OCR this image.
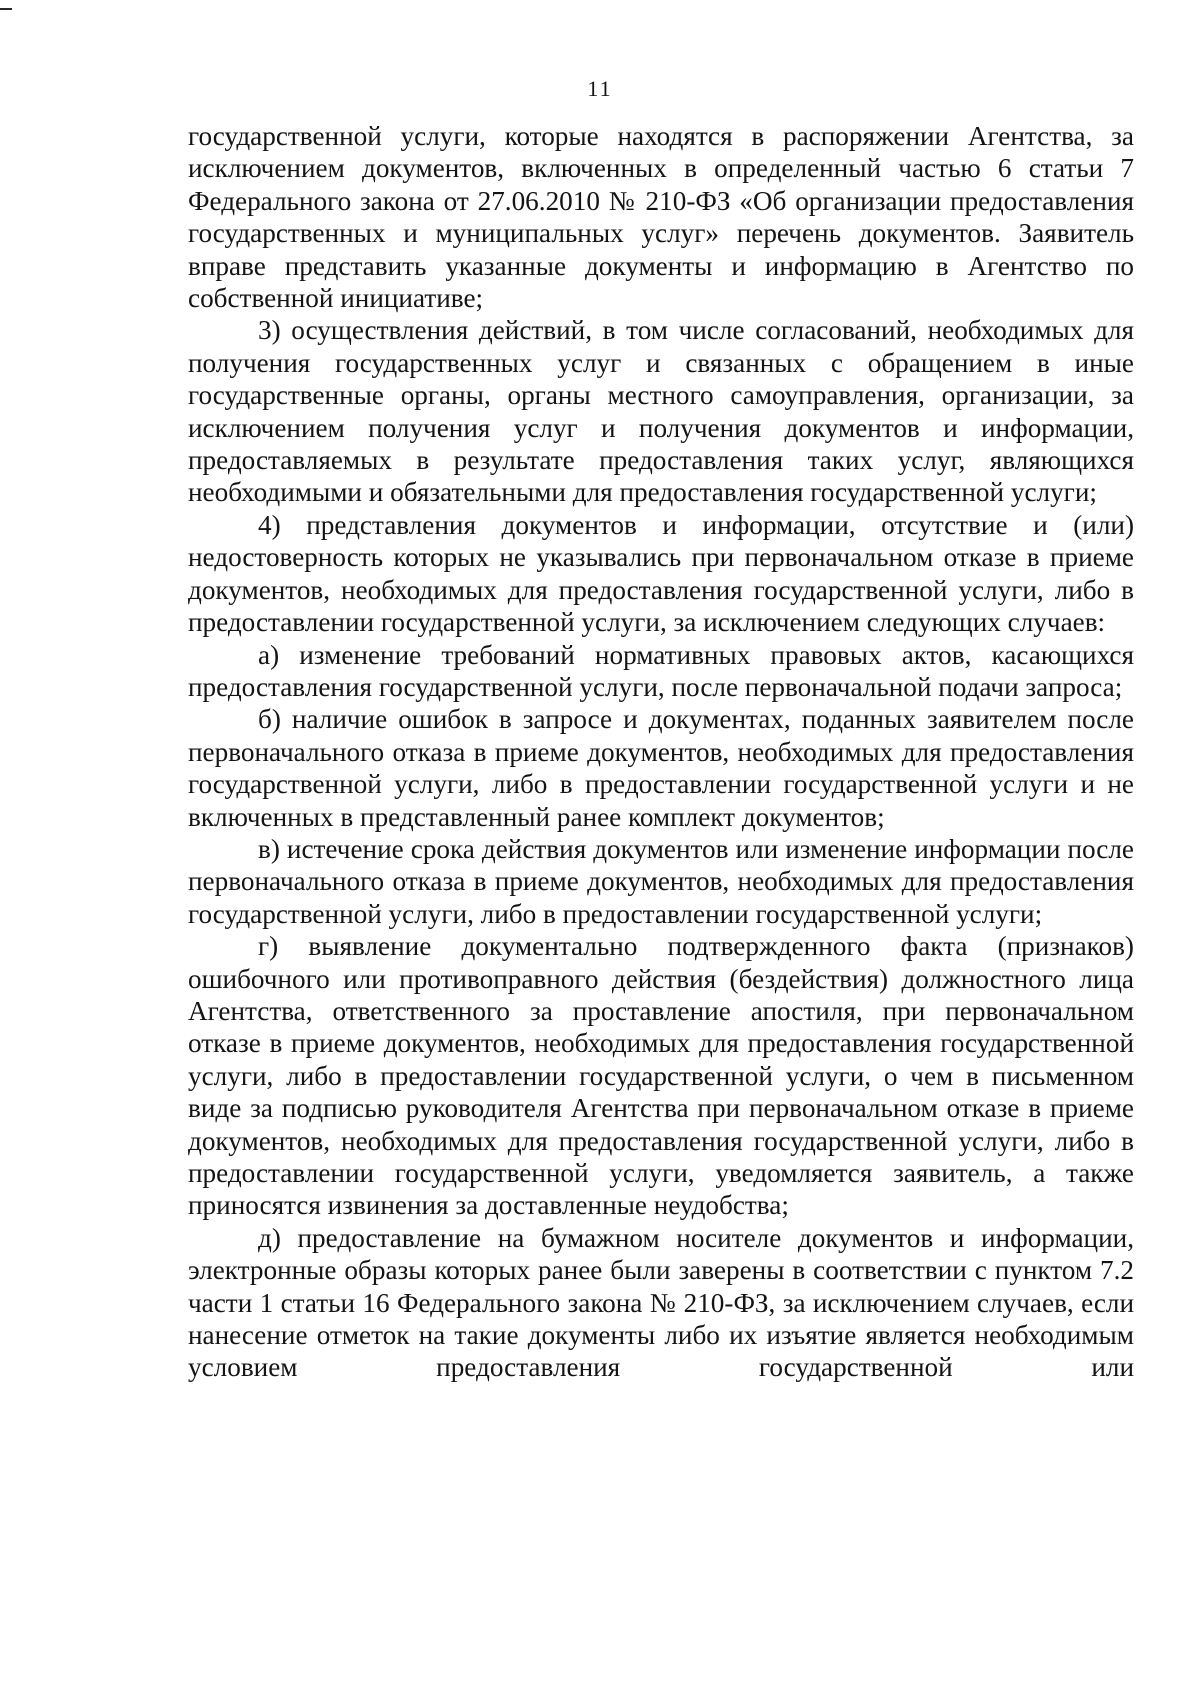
11

государственной услуги, которые находятся в распоряжении Агентства, за исключением документов, включенных в определенный частью 6 статьи 7 Федерального закона от 27.06.2010 № 210-ФЗ «Об организации предоставления государственных и муниципальных услуг» перечень документов. Заявитель вправе представить указанные документы и информацию в Агентство по собственной инициативе;

3) осуществления действий, в том числе согласований, необходимых для получения государственных услуг и связанных с обращением в иные государственные органы, органы местного самоуправления, организации, за исключением получения услуг и получения документов и информации, предоставляемых в результате предоставления таких услуг, являющихся необходимыми и обязательными для предоставления государственной услуги;

4) представления документов и информации, отсутствие и (или) недостоверность которых не указывались при первоначальном отказе в приеме документов, необходимых для предоставления государственной услуги, либо в предоставлении государственной услуги, за исключением следующих случаев:

а) изменение требований нормативных правовых актов, касающихся предоставления государственной услуги, после первоначальной подачи запроса;

б) наличие ошибок в запросе и документах, поданных заявителем после первоначального отказа в приеме документов, необходимых для предоставления государственной услуги, либо в предоставлении государственной услуги и не включенных в представленный ранее комплект документов;

в) истечение срока действия документов или изменение информации после первоначального отказа в приеме документов, необходимых для предоставления государственной услуги, либо в предоставлении государственной услуги;

г) выявление документально подтвержденного факта (признаков) ошибочного или противоправного действия (бездействия) должностного лица Агентства, ответственного за проставление апостиля, при первоначальном отказе в приеме документов, необходимых для предоставления государственной услуги, либо в предоставлении государственной услуги, о чем в письменном виде за подписью руководителя Агентства при первоначальном отказе в приеме документов, необходимых для предоставления государственной услуги, либо в предоставлении государственной услуги, уведомляется заявитель, а также приносятся извинения за доставленные неудобства;

д) предоставление на бумажном носителе документов и информации, электронные образы которых ранее были заверены в соответствии с пунктом 7.2 части 1 статьи 16 Федерального закона № 210-ФЗ, за исключением случаев, если нанесение отметок на такие документы либо их изъятие является необходимым условием предоставления государственной или
